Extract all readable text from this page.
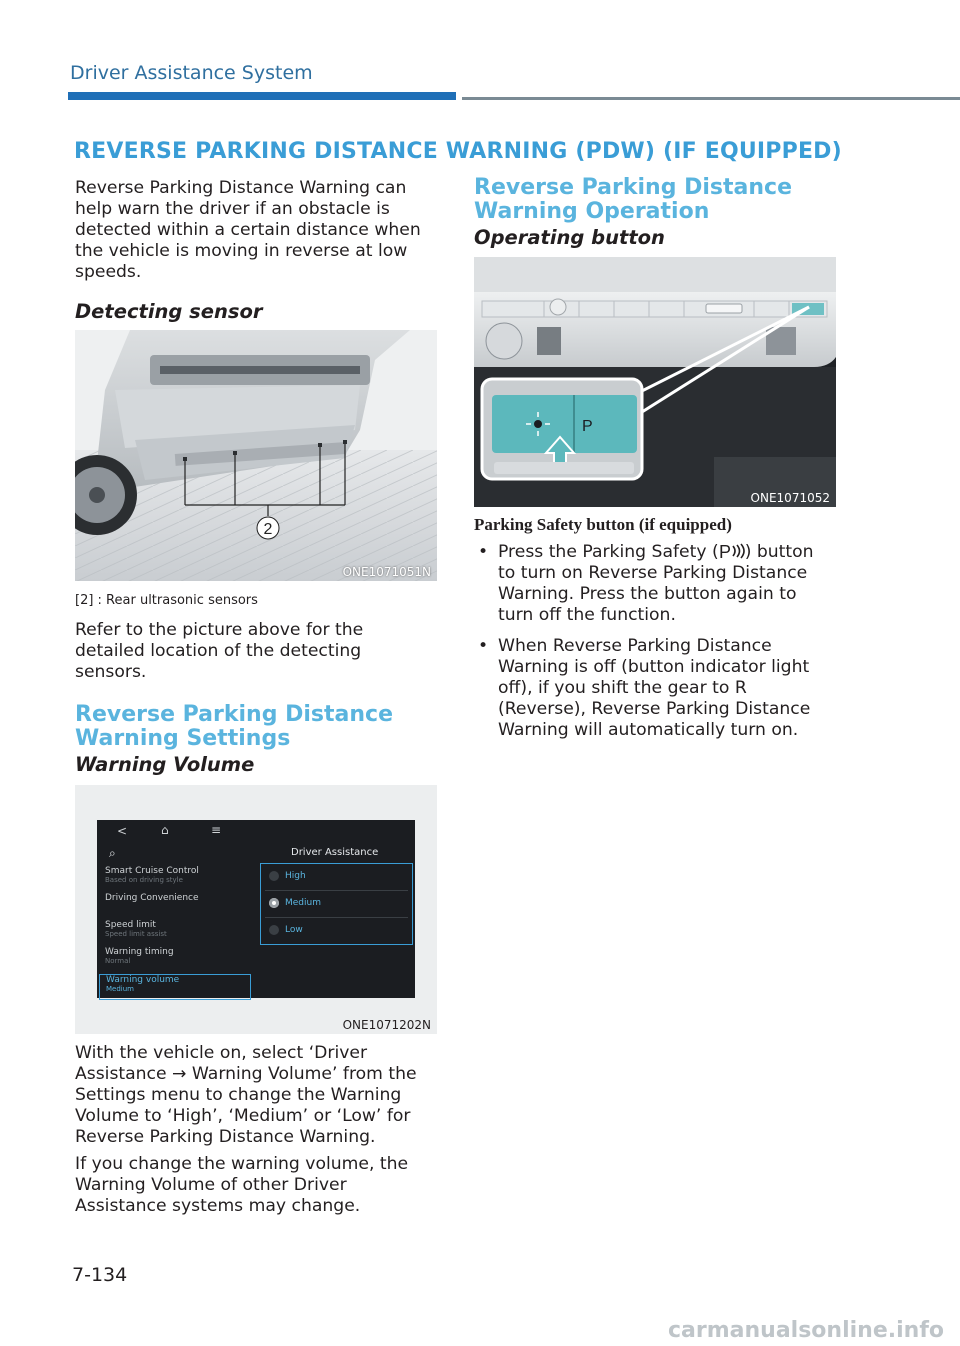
Driver Assistance System
REVERSE PARKING DISTANCE WARNING (PDW) (IF EQUIPPED)
Reverse Parking Distance Warning can help warn the driver if an obstacle is detected within a certain distance when the vehicle is moving in reverse at low speeds.
Detecting sensor
2
ONE1071051N
[2] : Rear ultrasonic sensors
Refer to the picture above for the detailed location of the detecting sensors.
Reverse Parking Distance
Warning Settings
Warning Volume
<	⌂	≡
⌕	Driver Assistance
Smart Cruise Control
Based on driving style
Driving Convenience
Speed limit
Speed limit assist
Warning timing
Normal
Warning volume
Medium
High
Medium
Low
ONE1071202N
With the vehicle on, select ‘Driver Assistance → Warning Volume’ from the Settings menu to change the Warning Volume to ‘High’, ‘Medium’ or ‘Low’ for Reverse Parking Distance Warning.
If you change the warning volume, the Warning Volume of other Driver Assistance systems may change.
Reverse Parking Distance
Warning Operation
Operating button
P
ONE1071052
Parking Safety button (if equipped)
• Press the Parking Safety ( P ) button to turn on Reverse Parking Distance Warning. Press the button again to turn off the function.
• When Reverse Parking Distance Warning is off (button indicator light off), if you shift the gear to R (Reverse), Reverse Parking Distance Warning will automatically turn on.
7-134
carmanualsonline.info
